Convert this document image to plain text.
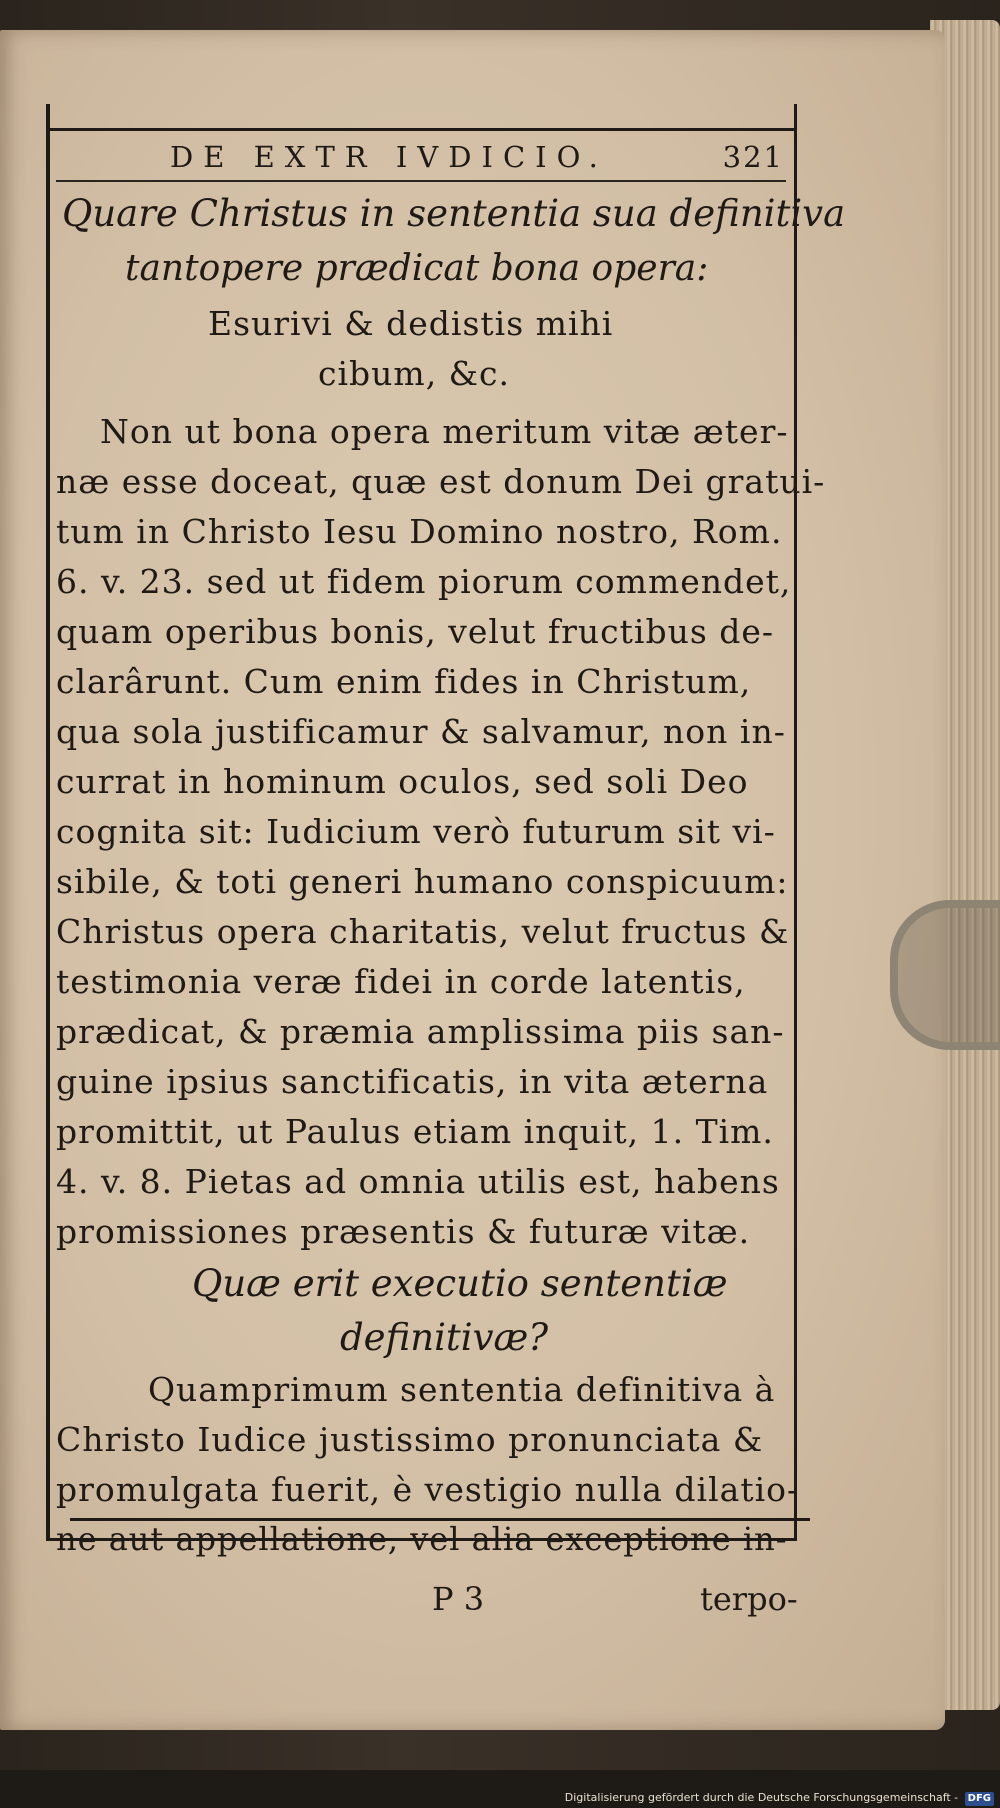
DE EXTR IVDICIO.	321
Quare Christus in sententia sua definitiva
tantopere prædicat bona opera:
Esurivi & dedistis mihi
cibum, &c.
Non ut bona opera meritum vitæ æter-
næ esse doceat, quæ est donum Dei gratui-
tum in Christo Iesu Domino nostro, Rom.
6. v. 23. sed ut fidem piorum commendet,
quam operibus bonis, velut fructibus de-
clarârunt. Cum enim fides in Christum,
qua sola justificamur & salvamur, non in-
currat in hominum oculos, sed soli Deo
cognita sit: Iudicium verò futurum sit vi-
sibile, & toti generi humano conspicuum:
Christus opera charitatis, velut fructus &
testimonia veræ fidei in corde latentis,
prædicat, & præmia amplissima piis san-
guine ipsius sanctificatis, in vita æterna
promittit, ut Paulus etiam inquit, 1. Tim.
4. v. 8. Pietas ad omnia utilis est, habens
promissiones præsentis & futuræ vitæ.
Quæ erit executio sententiæ
definitivæ?
Quamprimum sententia definitiva à
Christo Iudice justissimo pronunciata &
promulgata fuerit, è vestigio nulla dilatio-
ne aut appellatione, vel alia exceptione in-
P 3	terpo-
Digitalisierung gefördert durch die Deutsche Forschungsgemeinschaft - DFG
